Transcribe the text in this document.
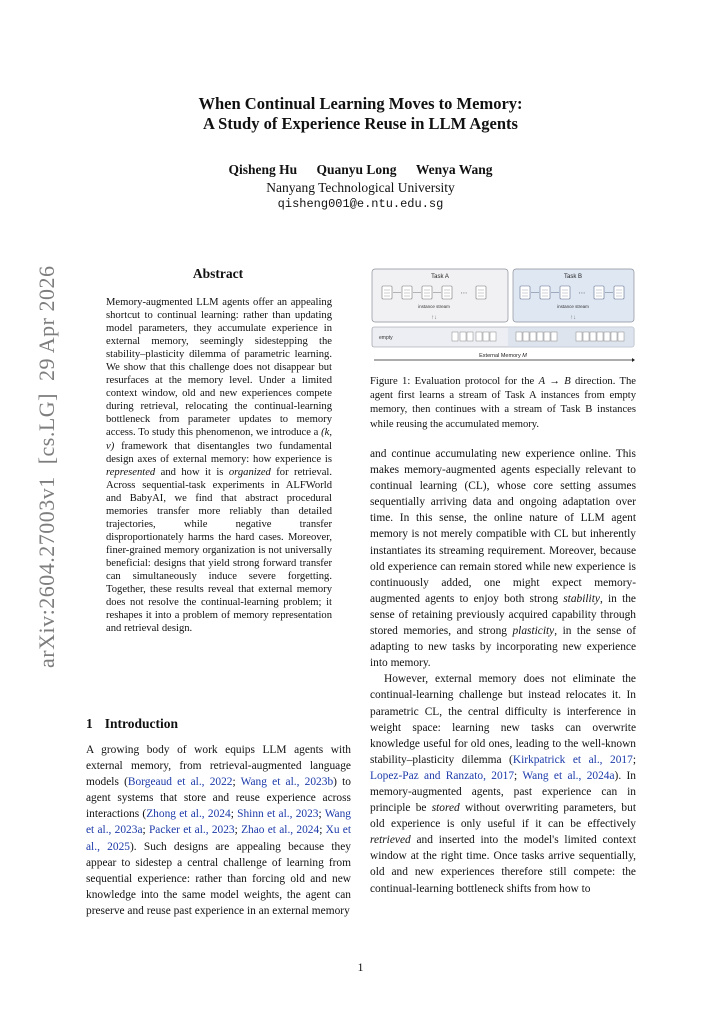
When Continual Learning Moves to Memory:
A Study of Experience Reuse in LLM Agents
Qisheng Hu Quanyu Long Wenya Wang
Nanyang Technological University
qisheng001@e.ntu.edu.sg
arXiv:2604.27003v1  [cs.LG]  29 Apr 2026	Abstract

Memory-augmented LLM agents offer an appealing shortcut to continual learning: rather than updating model parameters, they accumulate experience in external memory, seemingly sidestepping the stability–plasticity dilemma of parametric learning. We show that this challenge does not disappear but resurfaces at the memory level. Under a limited context window, old and new experiences compete during retrieval, relocating the continual-learning bottleneck from parameter updates to memory access. To study this phenomenon, we introduce a (k, v) framework that disentangles two fundamental design axes of external memory: how experience is represented and how it is organized for retrieval. Across sequential-task experiments in ALFWorld and BabyAI, we find that abstract procedural memories transfer more reliably than detailed trajectories, while negative transfer disproportionately harms the hard cases. Moreover, finer-grained memory organization is not universally beneficial: designs that yield strong forward transfer can simultaneously induce severe forgetting. Together, these results reveal that external memory does not resolve the continual-learning problem; it reshapes it into a problem of memory representation and retrieval design.

1 Introduction

A growing body of work equips LLM agents with external memory, from retrieval-augmented language models (Borgeaud et al., 2022; Wang et al., 2023b) to agent systems that store and reuse experience across interactions (Zhong et al., 2024; Shinn et al., 2023; Wang et al., 2023a; Packer et al., 2023; Zhao et al., 2024; Xu et al., 2025). Such designs are appealing because they appear to sidestep a central challenge of learning from sequential experience: rather than forcing old and new knowledge into the same model weights, the agent can preserve and reuse past experience in an external memory

Task A	Task B
⋯	⋯
instance stream	instance stream
↑↓	↑↓
empty
External Memory M

Figure 1: Evaluation protocol for the A → B direction. The agent first learns a stream of Task A instances from empty memory, then continues with a stream of Task B instances while reusing the accumulated memory.

and continue accumulating new experience online. This makes memory-augmented agents especially relevant to continual learning (CL), whose core setting assumes sequentially arriving data and ongoing adaptation over time. In this sense, the online nature of LLM agent memory is not merely compatible with CL but inherently instantiates its streaming requirement. Moreover, because old experience can remain stored while new experience is continuously added, one might expect memory-augmented agents to enjoy both strong stability, in the sense of retaining previously acquired capability through stored memories, and strong plasticity, in the sense of adapting to new tasks by incorporating new experience into memory.

However, external memory does not eliminate the continual-learning challenge but instead relocates it. In parametric CL, the central difficulty is interference in weight space: learning new tasks can overwrite knowledge useful for old ones, leading to the well-known stability–plasticity dilemma (Kirkpatrick et al., 2017; Lopez-Paz and Ranzato, 2017; Wang et al., 2024a). In memory-augmented agents, past experience can in principle be stored without overwriting parameters, but old experience is only useful if it can be effectively retrieved and inserted into the model's limited context window at the right time. Once tasks arrive sequentially, old and new experiences therefore still compete: the continual-learning bottleneck shifts from how to

1
